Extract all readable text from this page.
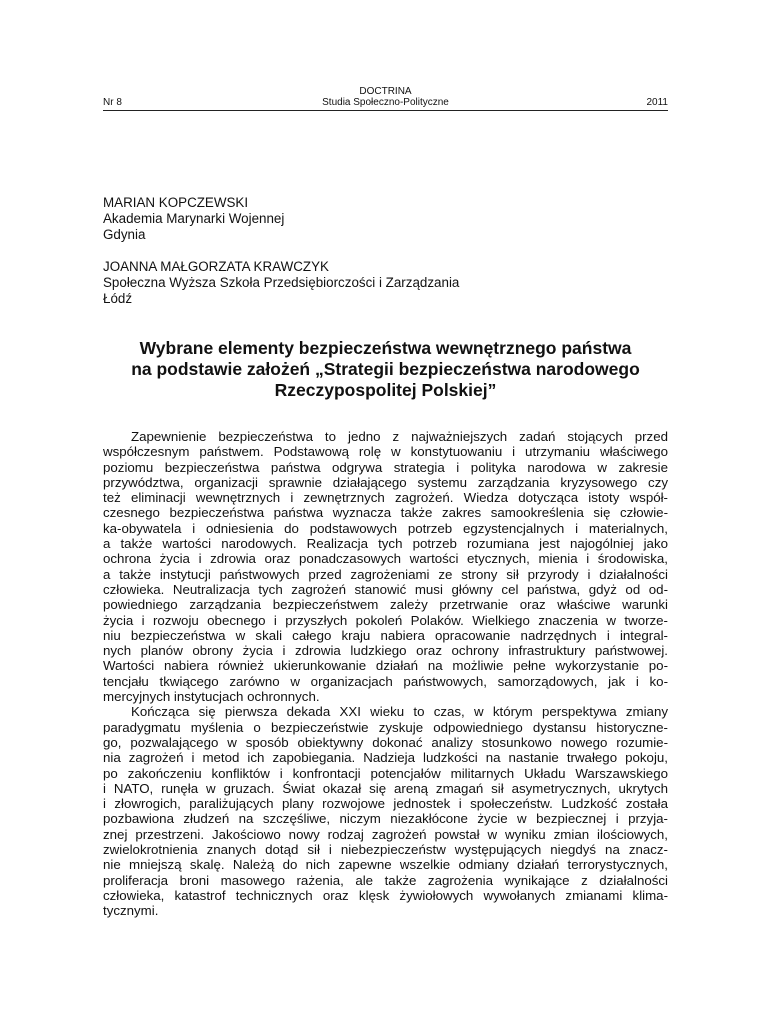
DOCTRINA
Nr 8	Studia Społeczno-Polityczne	2011
MARIAN KOPCZEWSKI
Akademia Marynarki Wojennej
Gdynia
JOANNA MAŁGORZATA KRAWCZYK
Społeczna Wyższa Szkoła Przedsiębiorczości i Zarządzania
Łódź
Wybrane elementy bezpieczeństwa wewnętrznego państwa
na podstawie założeń „Strategii bezpieczeństwa narodowego
Rzeczypospolitej Polskiej”
Zapewnienie bezpieczeństwa to jedno z najważniejszych zadań stojących przed
współczesnym państwem. Podstawową rolę w konstytuowaniu i utrzymaniu właściwego
poziomu bezpieczeństwa państwa odgrywa strategia i polityka narodowa w zakresie
przywództwa, organizacji sprawnie działającego systemu zarządzania kryzysowego czy
też eliminacji wewnętrznych i zewnętrznych zagrożeń. Wiedza dotycząca istoty współ-
czesnego bezpieczeństwa państwa wyznacza także zakres samookreślenia się człowie-
ka-obywatela i odniesienia do podstawowych potrzeb egzystencjalnych i materialnych,
a także wartości narodowych. Realizacja tych potrzeb rozumiana jest najogólniej jako
ochrona życia i zdrowia oraz ponadczasowych wartości etycznych, mienia i środowiska,
a także instytucji państwowych przed zagrożeniami ze strony sił przyrody i działalności
człowieka. Neutralizacja tych zagrożeń stanowić musi główny cel państwa, gdyż od od-
powiedniego zarządzania bezpieczeństwem zależy przetrwanie oraz właściwe warunki
życia i rozwoju obecnego i przyszłych pokoleń Polaków. Wielkiego znaczenia w tworze-
niu bezpieczeństwa w skali całego kraju nabiera opracowanie nadrzędnych i integral-
nych planów obrony życia i zdrowia ludzkiego oraz ochrony infrastruktury państwowej.
Wartości nabiera również ukierunkowanie działań na możliwie pełne wykorzystanie po-
tencjału tkwiącego zarówno w organizacjach państwowych, samorządowych, jak i ko-
mercyjnych instytucjach ochronnych.
Kończąca się pierwsza dekada XXI wieku to czas, w którym perspektywa zmiany
paradygmatu myślenia o bezpieczeństwie zyskuje odpowiedniego dystansu historyczne-
go, pozwalającego w sposób obiektywny dokonać analizy stosunkowo nowego rozumie-
nia zagrożeń i metod ich zapobiegania. Nadzieja ludzkości na nastanie trwałego pokoju,
po zakończeniu konfliktów i konfrontacji potencjałów militarnych Układu Warszawskiego
i NATO, runęła w gruzach. Świat okazał się areną zmagań sił asymetrycznych, ukrytych
i złowrogich, paraliżujących plany rozwojowe jednostek i społeczeństw. Ludzkość została
pozbawiona złudzeń na szczęśliwe, niczym niezakłócone życie w bezpiecznej i przyja-
znej przestrzeni. Jakościowo nowy rodzaj zagrożeń powstał w wyniku zmian ilościowych,
zwielokrotnienia znanych dotąd sił i niebezpieczeństw występujących niegdyś na znacz-
nie mniejszą skalę. Należą do nich zapewne wszelkie odmiany działań terrorystycznych,
proliferacja broni masowego rażenia, ale także zagrożenia wynikające z działalności
człowieka, katastrof technicznych oraz klęsk żywiołowych wywołanych zmianami klima-
tycznymi.
